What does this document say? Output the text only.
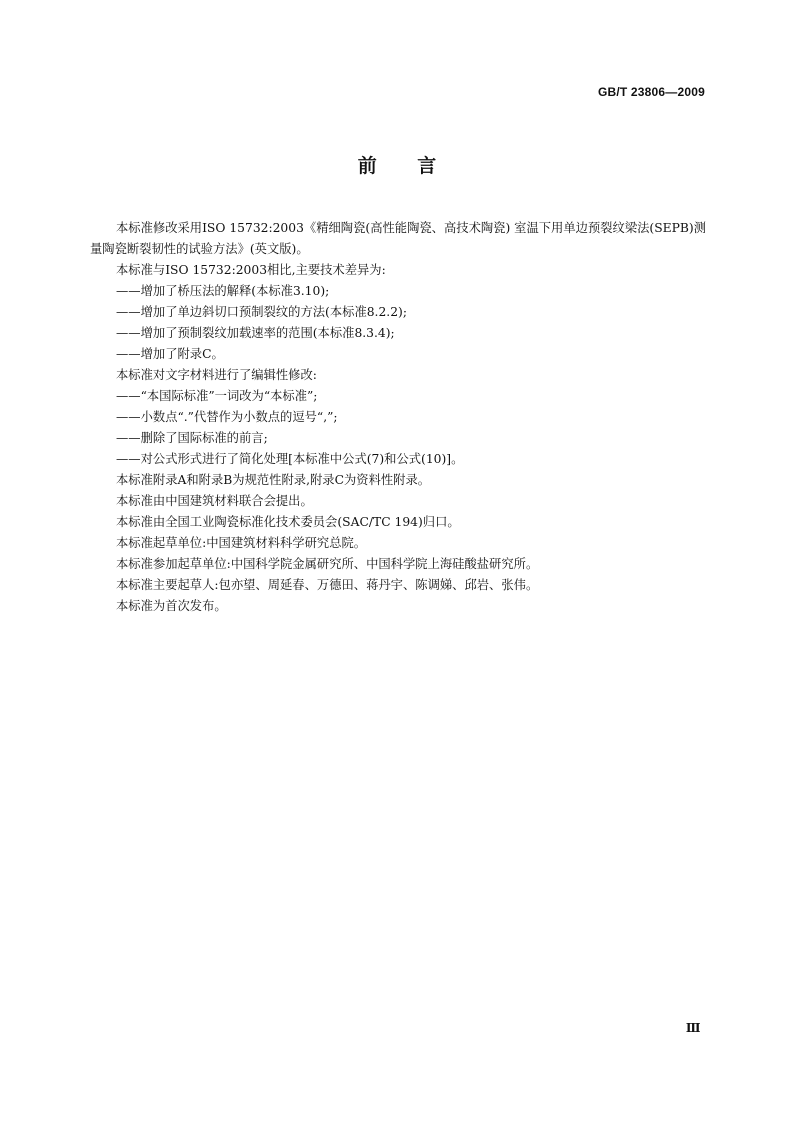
GB/T 23806—2009
前 言

本标准修改采用ISO 15732:2003《精细陶瓷(高性能陶瓷、高技术陶瓷) 室温下用单边预裂纹梁法(SEPB)测量陶瓷断裂韧性的试验方法》(英文版)。

本标准与ISO 15732:2003相比,主要技术差异为:

——增加了桥压法的解释(本标准3.10);

——增加了单边斜切口预制裂纹的方法(本标准8.2.2);

——增加了预制裂纹加载速率的范围(本标准8.3.4);

——增加了附录C。

本标准对文字材料进行了编辑性修改:

——“本国际标准”一词改为“本标准”;

——小数点“.”代替作为小数点的逗号“,”;

——删除了国际标准的前言;

——对公式形式进行了简化处理[本标准中公式(7)和公式(10)]。

本标准附录A和附录B为规范性附录,附录C为资料性附录。

本标准由中国建筑材料联合会提出。

本标准由全国工业陶瓷标准化技术委员会(SAC/TC 194)归口。

本标准起草单位:中国建筑材料科学研究总院。

本标准参加起草单位:中国科学院金属研究所、中国科学院上海硅酸盐研究所。

本标准主要起草人:包亦望、周延春、万德田、蒋丹宇、陈调娣、邱岩、张伟。

本标准为首次发布。

Ⅲ
